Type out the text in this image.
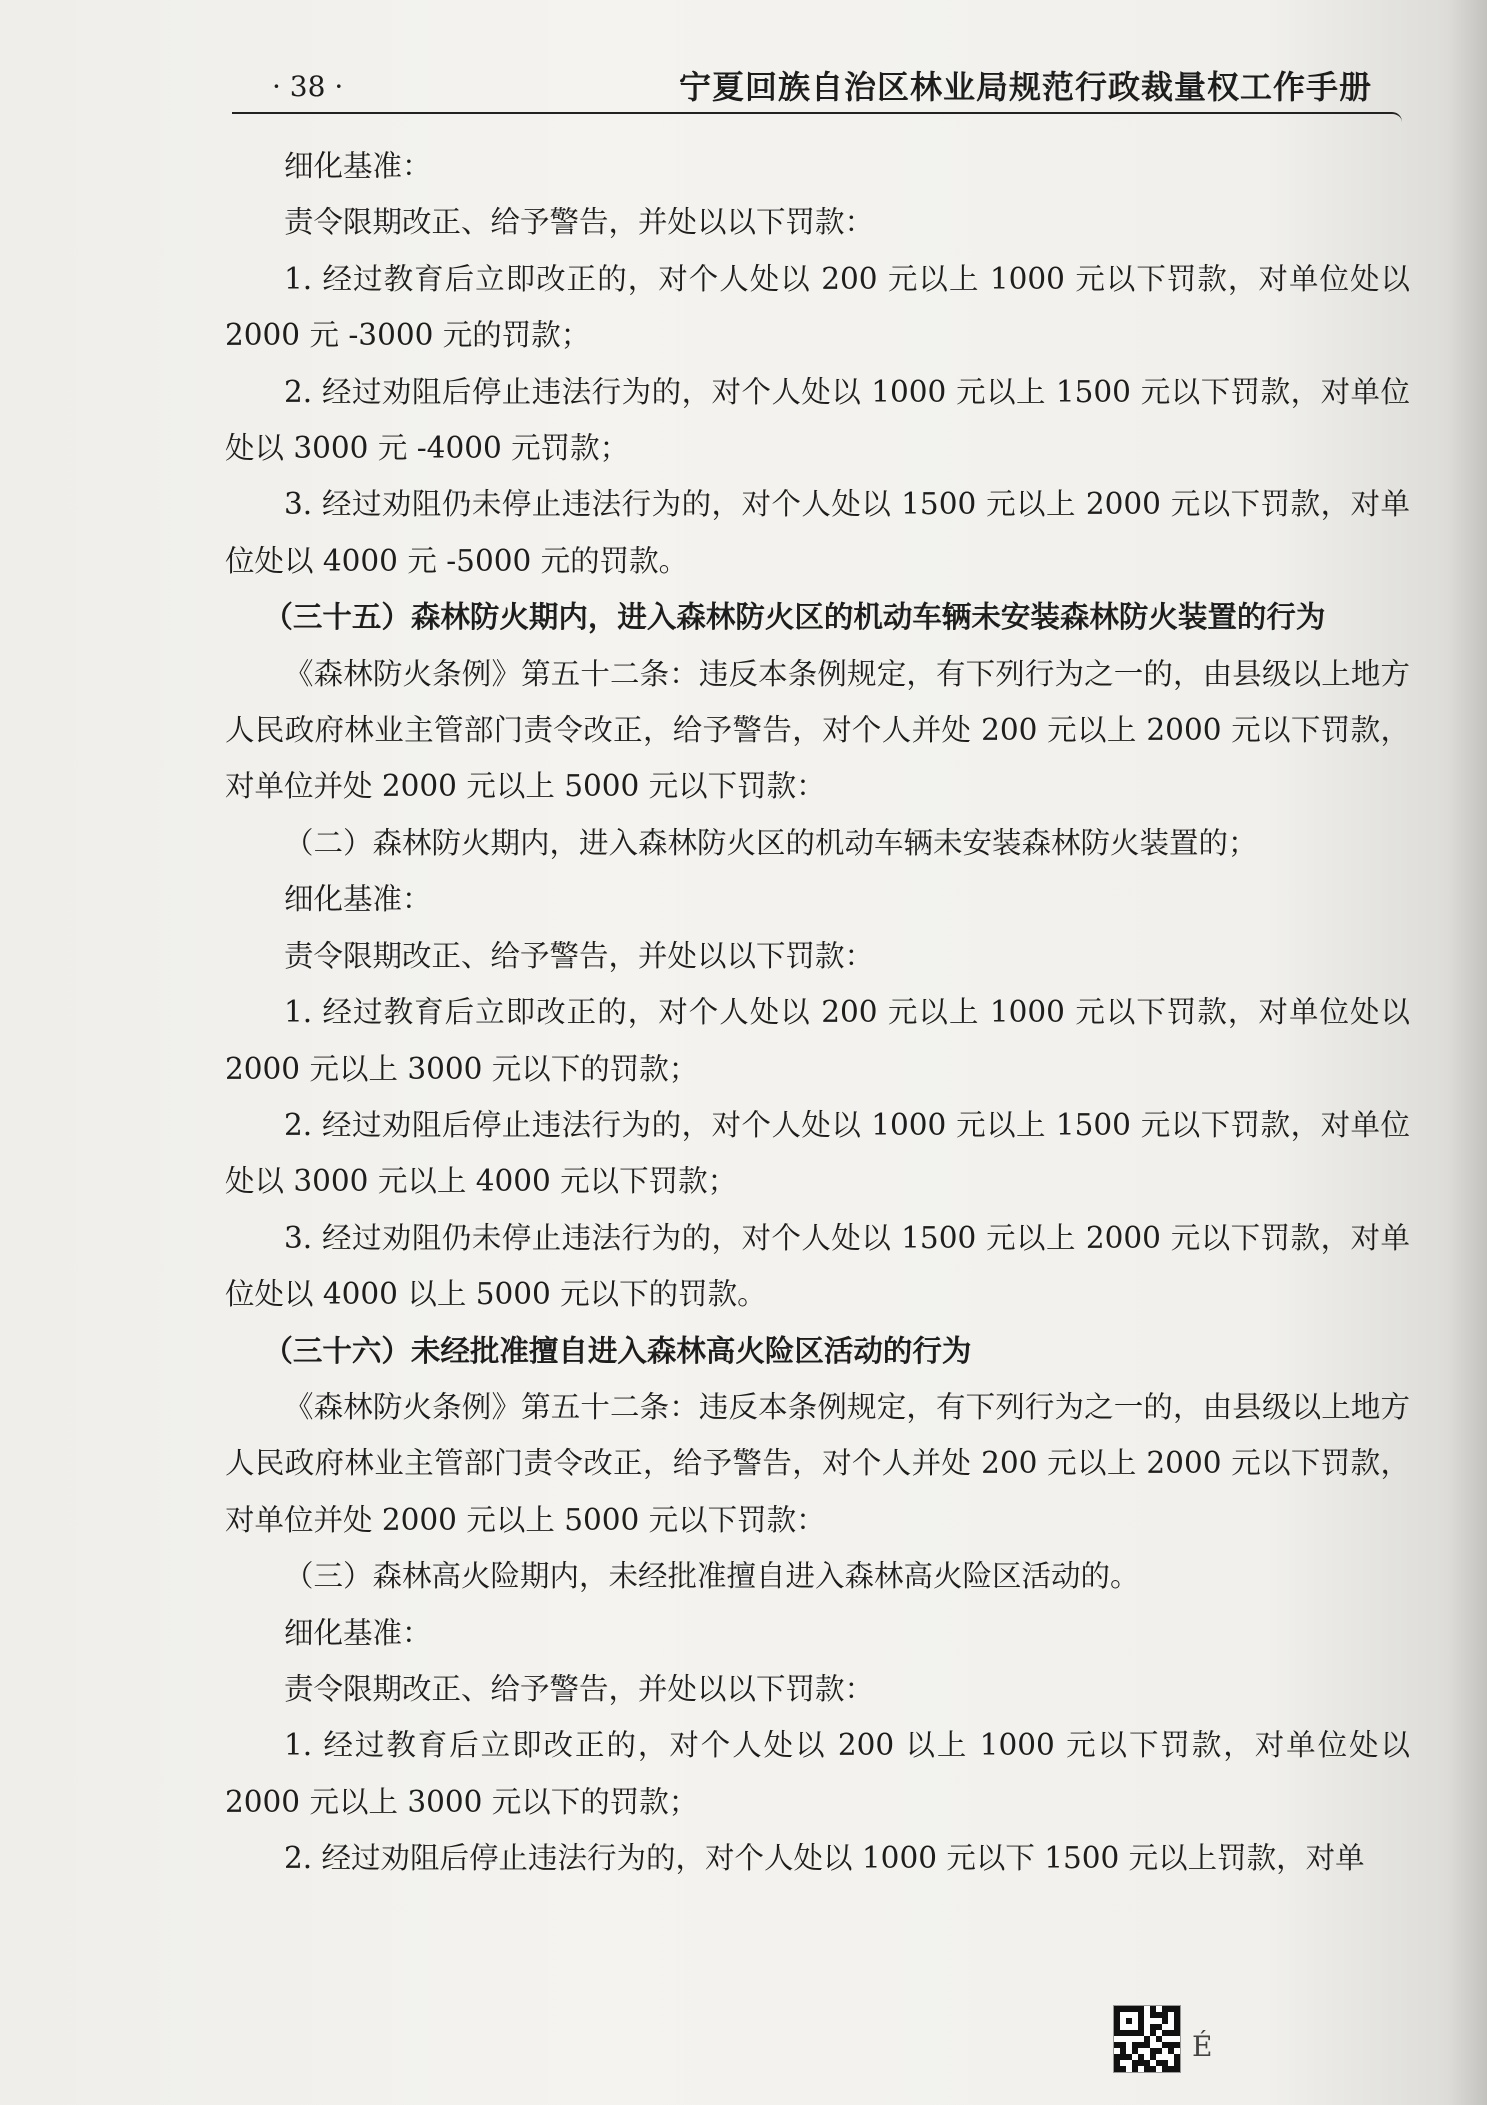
· 38 ·	宁夏回族自治区林业局规范行政裁量权工作手册

细化基准：

责令限期改正、给予警告，并处以以下罚款：

1. 经过教育后立即改正的，对个人处以 200 元以上 1000 元以下罚款，对单位处以 2000 元 -3000 元的罚款；

2. 经过劝阻后停止违法行为的，对个人处以 1000 元以上 1500 元以下罚款，对单位处以 3000 元 -4000 元罚款；

3. 经过劝阻仍未停止违法行为的，对个人处以 1500 元以上 2000 元以下罚款，对单位处以 4000 元 -5000 元的罚款。

（三十五）森林防火期内，进入森林防火区的机动车辆未安装森林防火装置的行为

《森林防火条例》第五十二条：违反本条例规定，有下列行为之一的，由县级以上地方人民政府林业主管部门责令改正，给予警告，对个人并处 200 元以上 2000 元以下罚款，对单位并处 2000 元以上 5000 元以下罚款：

（二）森林防火期内，进入森林防火区的机动车辆未安装森林防火装置的；

细化基准：

责令限期改正、给予警告，并处以以下罚款：

1. 经过教育后立即改正的，对个人处以 200 元以上 1000 元以下罚款，对单位处以 2000 元以上 3000 元以下的罚款；

2. 经过劝阻后停止违法行为的，对个人处以 1000 元以上 1500 元以下罚款，对单位处以 3000 元以上 4000 元以下罚款；

3. 经过劝阻仍未停止违法行为的，对个人处以 1500 元以上 2000 元以下罚款，对单位处以 4000 以上 5000 元以下的罚款。

（三十六）未经批准擅自进入森林高火险区活动的行为

《森林防火条例》第五十二条：违反本条例规定，有下列行为之一的，由县级以上地方人民政府林业主管部门责令改正，给予警告，对个人并处 200 元以上 2000 元以下罚款，对单位并处 2000 元以上 5000 元以下罚款：

（三）森林高火险期内，未经批准擅自进入森林高火险区活动的。

细化基准：

责令限期改正、给予警告，并处以以下罚款：

1. 经过教育后立即改正的，对个人处以 200 以上 1000 元以下罚款，对单位处以 2000 元以上 3000 元以下的罚款；

2. 经过劝阻后停止违法行为的，对个人处以 1000 元以下 1500 元以上罚款，对单

É
